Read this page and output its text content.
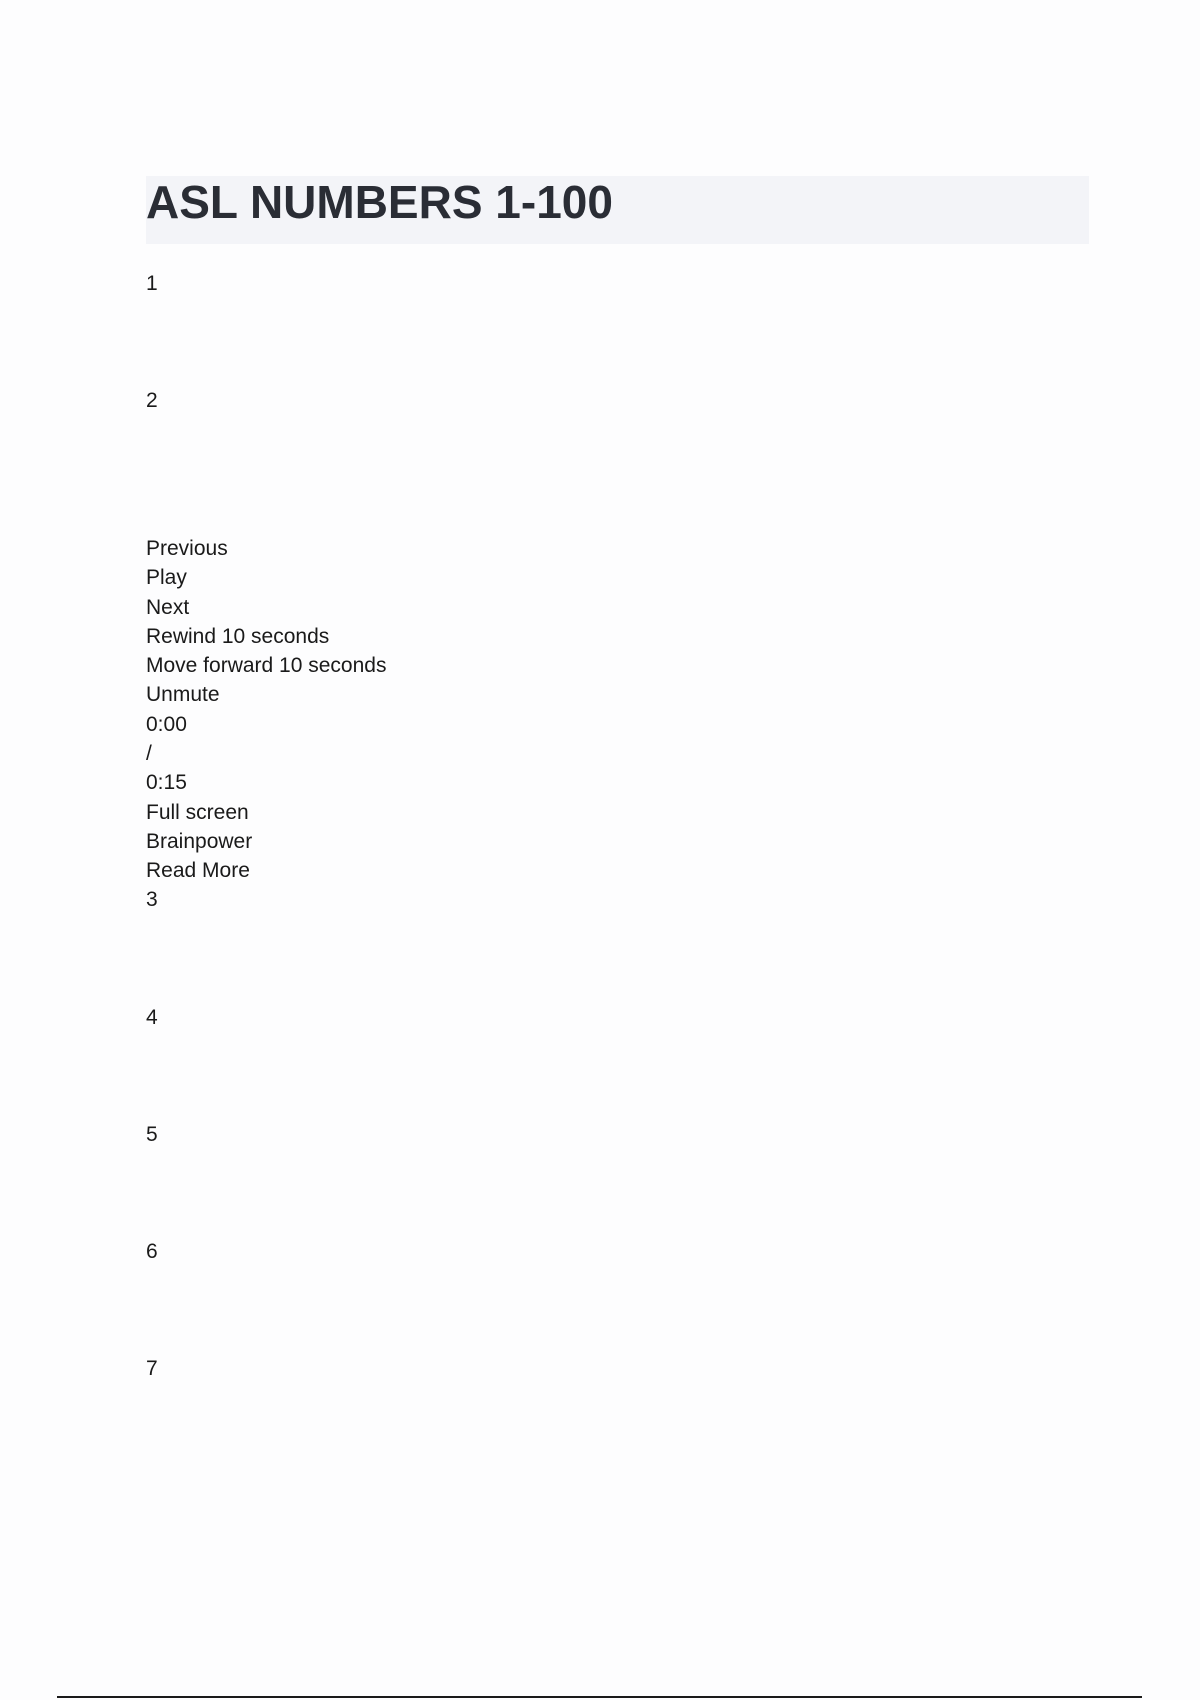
ASL NUMBERS 1-100

1

2

Previous
Play
Next
Rewind 10 seconds
Move forward 10 seconds
Unmute
0:00
/
0:15
Full screen
Brainpower
Read More

3

4

5

6

7
